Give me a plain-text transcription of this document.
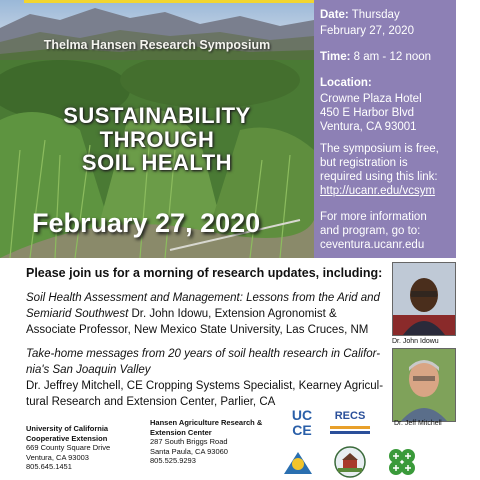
Thelma Hansen Research Symposium
SUSTAINABILITY
THROUGH
SOIL HEALTH
February 27, 2020
Date: Thursday
February 27, 2020
Time: 8 am - 12 noon
Location:
Crowne Plaza Hotel
450 E Harbor Blvd
Ventura, CA 93001
The symposium is free,
but registration is
required using this link:
http://ucanr.edu/vcsym
For more information
and program, go to:
ceventura.ucanr.edu
Please join us for a morning of research updates, including:
Soil Health Assessment and Management: Lessons from the Arid and
Semiarid Southwest Dr. John Idowu, Extension Agronomist &
Associate Professor, New Mexico State University, Las Cruces, NM
Take-home messages from 20 years of soil health research in Califor-
nia's San Joaquin Valley
Dr. Jeffrey Mitchell, CE Cropping Systems Specialist, Kearney Agricul-
tural Research and Extension Center, Parlier, CA
Dr. John Idowu
Dr. Jeff Mitchell
University of California
Cooperative Extension
669 County Square Drive
Ventura, CA 93003
805.645.1451
Hansen Agriculture Research &
Extension Center
287 South Briggs Road
Santa Paula, CA 93060
805.525.9293
UC
CE
RECS
